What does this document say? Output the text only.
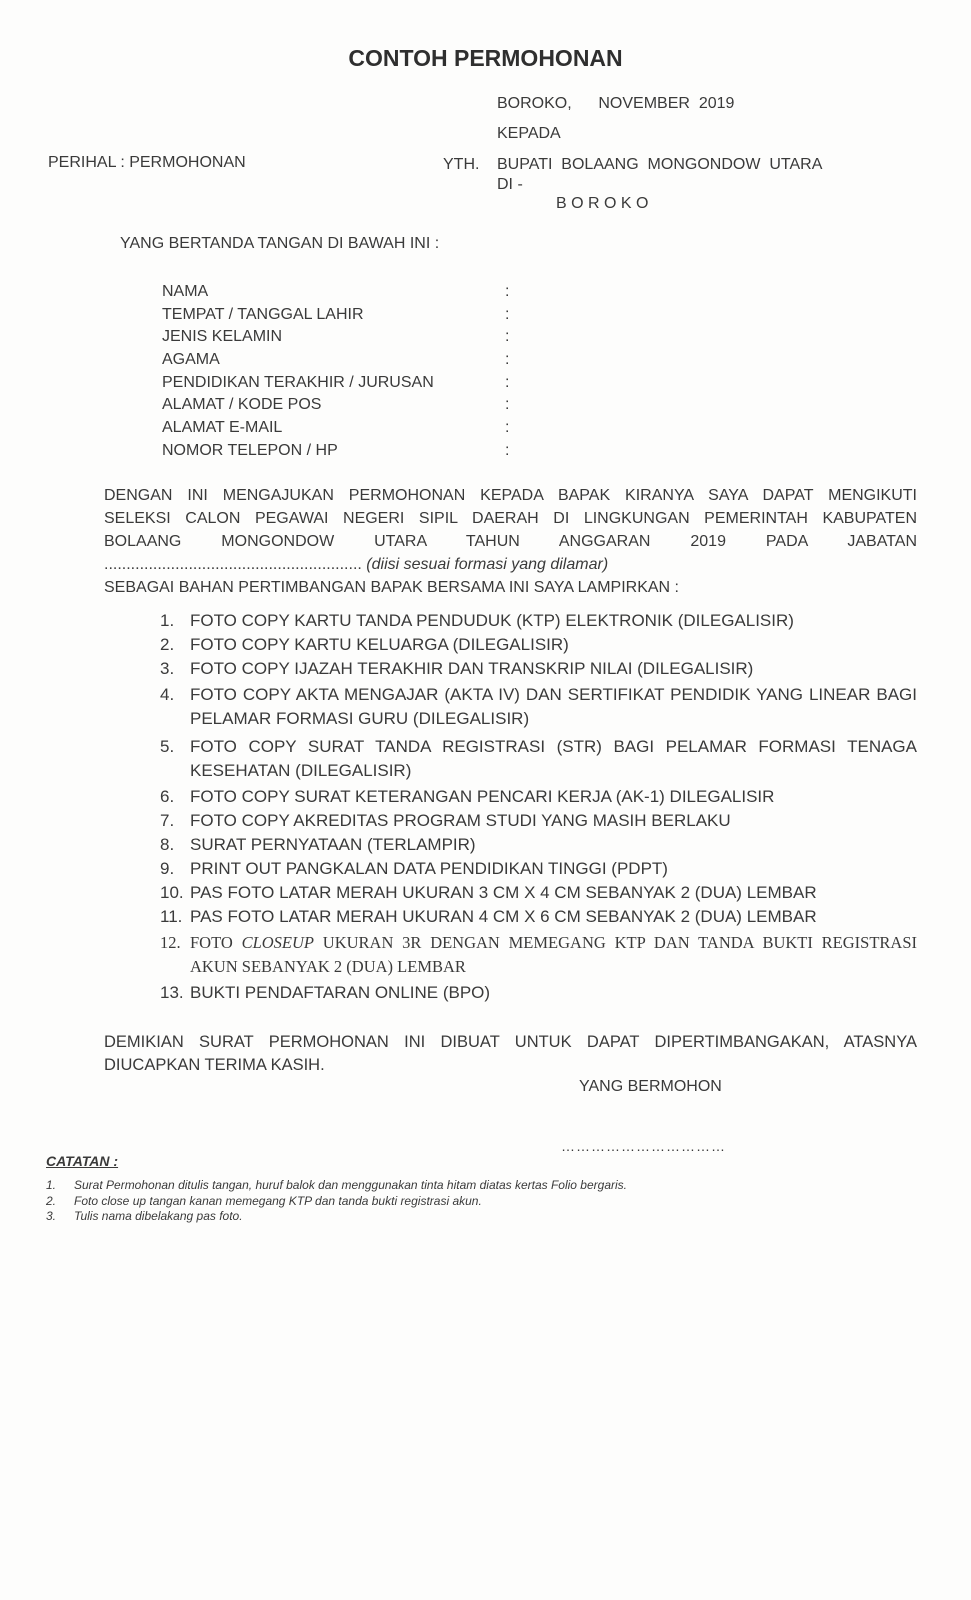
CONTOH PERMOHONAN
BOROKO,      NOVEMBER  2019
KEPADA
PERIHAL : PERMOHONAN	YTH. BUPATI  BOLAANG  MONGONDOW  UTARA
DI -
B O R O K O
YANG BERTANDA TANGAN DI BAWAH INI :
NAMA	:
TEMPAT / TANGGAL LAHIR	:
JENIS KELAMIN	:
AGAMA	:
PENDIDIKAN TERAKHIR / JURUSAN	:
ALAMAT / KODE POS	:
ALAMAT E-MAIL	:
NOMOR TELEPON / HP	:
DENGAN INI MENGAJUKAN PERMOHONAN KEPADA BAPAK KIRANYA SAYA DAPAT MENGIKUTI
SELEKSI CALON PEGAWAI NEGERI SIPIL DAERAH DI LINGKUNGAN PEMERINTAH KABUPATEN
BOLAANG  MONGONDOW  UTARA  TAHUN  ANGGARAN  2019  PADA  JABATAN
.......................................................... (diisi sesuai formasi yang dilamar)
SEBAGAI BAHAN PERTIMBANGAN BAPAK BERSAMA INI SAYA LAMPIRKAN :
1. FOTO COPY KARTU TANDA PENDUDUK (KTP) ELEKTRONIK (DILEGALISIR)
2. FOTO COPY KARTU KELUARGA (DILEGALISIR)
3. FOTO COPY IJAZAH TERAKHIR DAN TRANSKRIP NILAI (DILEGALISIR)
4. FOTO COPY AKTA MENGAJAR (AKTA IV) DAN SERTIFIKAT PENDIDIK YANG LINEAR BAGI PELAMAR FORMASI GURU (DILEGALISIR)
5. FOTO COPY SURAT TANDA REGISTRASI (STR) BAGI PELAMAR FORMASI TENAGA KESEHATAN (DILEGALISIR)
6. FOTO COPY SURAT KETERANGAN PENCARI KERJA (AK-1) DILEGALISIR
7. FOTO COPY AKREDITAS PROGRAM STUDI YANG MASIH BERLAKU
8. SURAT PERNYATAAN (TERLAMPIR)
9. PRINT OUT PANGKALAN DATA PENDIDIKAN TINGGI (PDPT)
10. PAS FOTO LATAR MERAH UKURAN 3 CM X 4 CM SEBANYAK 2 (DUA) LEMBAR
11. PAS FOTO LATAR MERAH UKURAN 4 CM X 6 CM SEBANYAK 2 (DUA) LEMBAR
12. FOTO CLOSEUP UKURAN 3R DENGAN MEMEGANG KTP DAN TANDA BUKTI REGISTRASI AKUN SEBANYAK 2 (DUA) LEMBAR
13. BUKTI PENDAFTARAN ONLINE (BPO)
DEMIKIAN SURAT PERMOHONAN INI DIBUAT UNTUK DAPAT DIPERTIMBANGAKAN, ATASNYA DIUCAPKAN TERIMA KASIH.
YANG BERMOHON
……………………………
CATATAN :
1. Surat Permohonan ditulis tangan, huruf balok dan menggunakan tinta hitam diatas kertas Folio bergaris.
2. Foto close up tangan kanan memegang KTP dan tanda bukti registrasi akun.
3. Tulis nama dibelakang pas foto.
